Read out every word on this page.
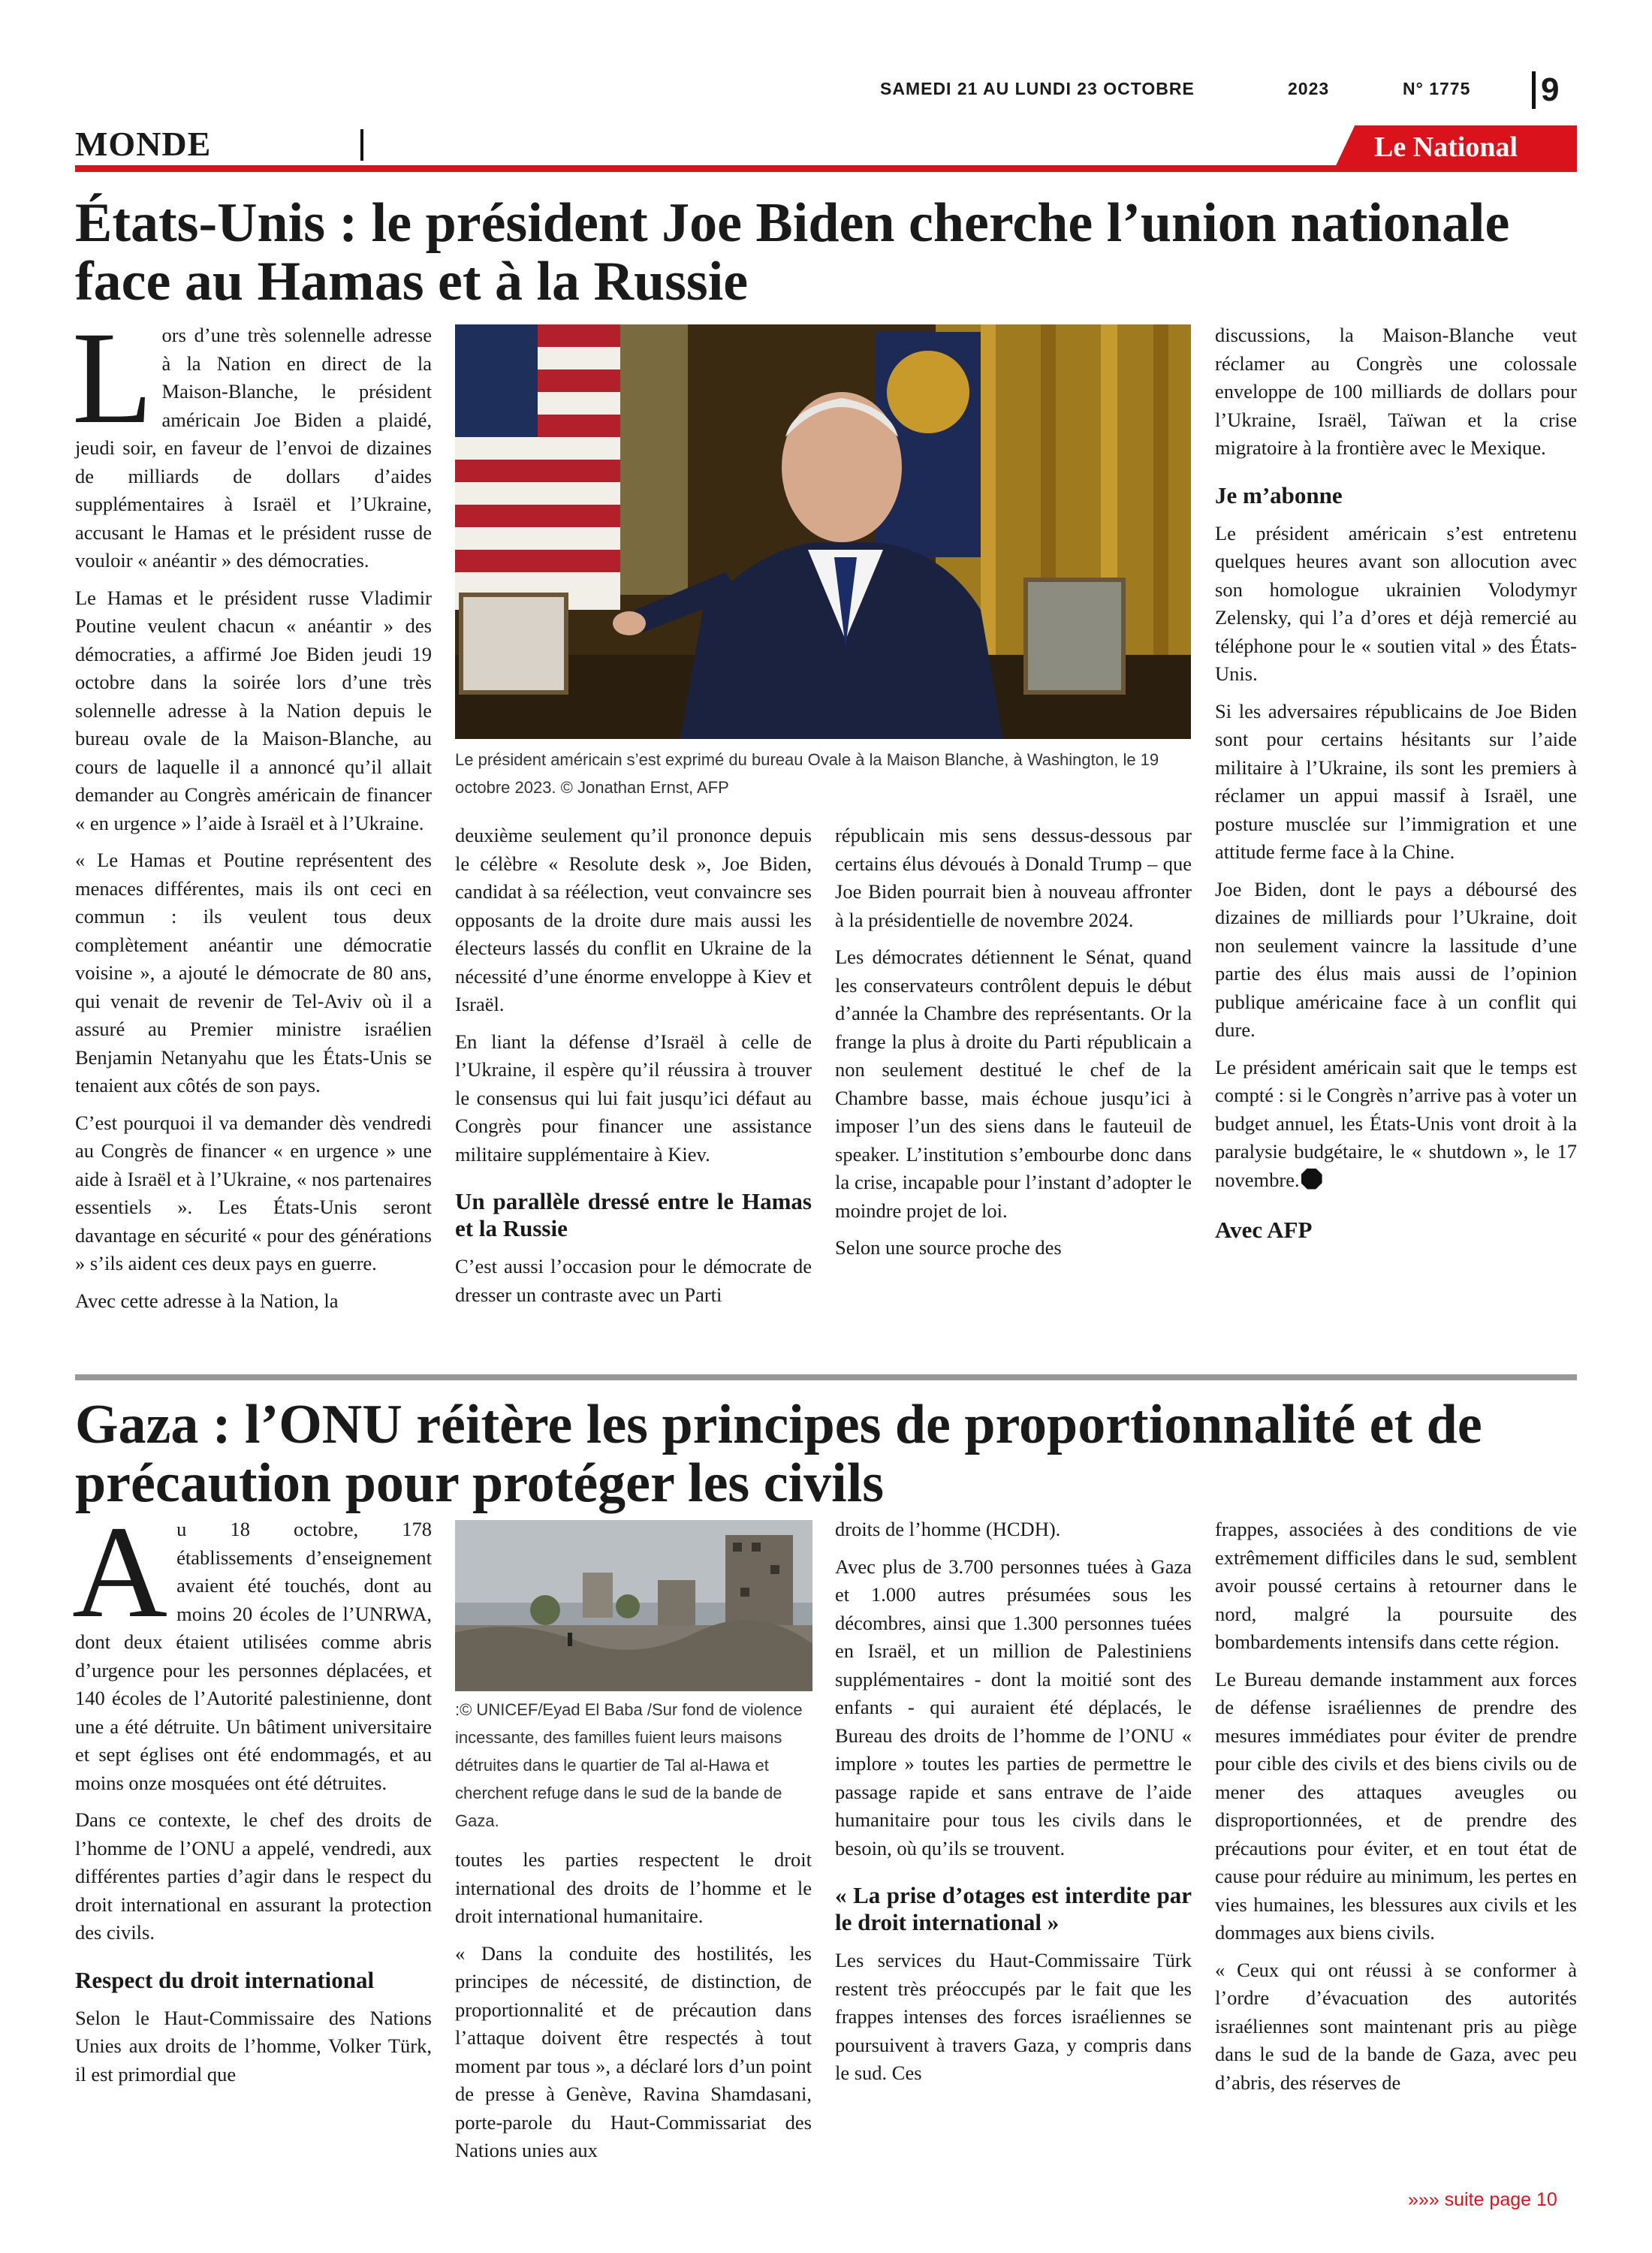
SAMEDI 21 AU LUNDI 23 OCTOBRE	2023	N° 1775 9
MONDE	Le National
États-Unis : le président Joe Biden cherche l’union nationale
face au Hamas et à la Russie

Lors d’une très solennelle adresse à la Nation en direct de la Maison-Blanche, le président américain Joe Biden a plaidé, jeudi soir, en faveur de l’envoi de dizaines de milliards de dollars d’aides supplémentaires à Israël et l’Ukraine, accusant le Hamas et le président russe de vouloir « anéantir » des démocraties.

Le Hamas et le président russe Vladimir Poutine veulent chacun « anéantir » des démocraties, a affirmé Joe Biden jeudi 19 octobre dans la soirée lors d’une très solennelle adresse à la Nation depuis le bureau ovale de la Maison-Blanche, au cours de laquelle il a annoncé qu’il allait demander au Congrès américain de financer « en urgence » l’aide à Israël et à l’Ukraine.

« Le Hamas et Poutine représentent des menaces différentes, mais ils ont ceci en commun : ils veulent tous deux complètement anéantir une démocratie voisine », a ajouté le démocrate de 80 ans, qui venait de revenir de Tel-Aviv où il a assuré au Premier ministre israélien Benjamin Netanyahu que les États-Unis se tenaient aux côtés de son pays.

C’est pourquoi il va demander dès vendredi au Congrès de financer « en urgence » une aide à Israël et à l’Ukraine, « nos partenaires essentiels ». Les États-Unis seront davantage en sécurité « pour des générations » s’ils aident ces deux pays en guerre.

Avec cette adresse à la Nation, la

Le président américain s’est exprimé du bureau Ovale à la Maison Blanche, à Washington, le 19 octobre 2023. © Jonathan Ernst, AFP

deuxième seulement qu’il prononce depuis le célèbre « Resolute desk », Joe Biden, candidat à sa réélection, veut convaincre ses opposants de la droite dure mais aussi les électeurs lassés du conflit en Ukraine de la nécessité d’une énorme enveloppe à Kiev et Israël.

En liant la défense d’Israël à celle de l’Ukraine, il espère qu’il réussira à trouver le consensus qui lui fait jusqu’ici défaut au Congrès pour financer une assistance militaire supplémentaire à Kiev.

Un parallèle dressé entre le Hamas et la Russie

C’est aussi l’occasion pour le démocrate de dresser un contraste avec un Parti

républicain mis sens dessus-dessous par certains élus dévoués à Donald Trump – que Joe Biden pourrait bien à nouveau affronter à la présidentielle de novembre 2024.

Les démocrates détiennent le Sénat, quand les conservateurs contrôlent depuis le début d’année la Chambre des représentants. Or la frange la plus à droite du Parti républicain a non seulement destitué le chef de la Chambre basse, mais échoue jusqu’ici à imposer l’un des siens dans le fauteuil de speaker. L’institution s’embourbe donc dans la crise, incapable pour l’instant d’adopter le moindre projet de loi.

Selon une source proche des

discussions, la Maison-Blanche veut réclamer au Congrès une colossale enveloppe de 100 milliards de dollars pour l’Ukraine, Israël, Taïwan et la crise migratoire à la frontière avec le Mexique.

Je m’abonne

Le président américain s’est entretenu quelques heures avant son allocution avec son homologue ukrainien Volodymyr Zelensky, qui l’a d’ores et déjà remercié au téléphone pour le « soutien vital » des États-Unis.

Si les adversaires républicains de Joe Biden sont pour certains hésitants sur l’aide militaire à l’Ukraine, ils sont les premiers à réclamer un appui massif à Israël, une posture musclée sur l’immigration et une attitude ferme face à la Chine.

Joe Biden, dont le pays a déboursé des dizaines de milliards pour l’Ukraine, doit non seulement vaincre la lassitude d’une partie des élus mais aussi de l’opinion publique américaine face à un conflit qui dure.

Le président américain sait que le temps est compté : si le Congrès n’arrive pas à voter un budget annuel, les États-Unis vont droit à la paralysie budgétaire, le « shutdown », le 17 novembre.

Avec AFP
Gaza : l’ONU réitère les principes de proportionnalité et de
précaution pour protéger les civils

Au 18 octobre, 178 établissements d’enseignement avaient été touchés, dont au moins 20 écoles de l’UNRWA, dont deux étaient utilisées comme abris d’urgence pour les personnes déplacées, et 140 écoles de l’Autorité palestinienne, dont une a été détruite. Un bâtiment universitaire et sept églises ont été endommagés, et au moins onze mosquées ont été détruites.

Dans ce contexte, le chef des droits de l’homme de l’ONU a appelé, vendredi, aux différentes parties d’agir dans le respect du droit international en assurant la protection des civils.

Respect du droit international

Selon le Haut-Commissaire des Nations Unies aux droits de l’homme, Volker Türk, il est primordial que

:© UNICEF/Eyad El Baba /Sur fond de violence incessante, des familles fuient leurs maisons détruites dans le quartier de Tal al-Hawa et cherchent refuge dans le sud de la bande de Gaza.

toutes les parties respectent le droit international des droits de l’homme et le droit international humanitaire.

« Dans la conduite des hostilités, les principes de nécessité, de distinction, de proportionnalité et de précaution dans l’attaque doivent être respectés à tout moment par tous », a déclaré lors d’un point de presse à Genève, Ravina Shamdasani, porte-parole du Haut-Commissariat des Nations unies aux

droits de l’homme (HCDH).

Avec plus de 3.700 personnes tuées à Gaza et 1.000 autres présumées sous les décombres, ainsi que 1.300 personnes tuées en Israël, et un million de Palestiniens supplémentaires - dont la moitié sont des enfants - qui auraient été déplacés, le Bureau des droits de l’homme de l’ONU « implore » toutes les parties de permettre le passage rapide et sans entrave de l’aide humanitaire pour tous les civils dans le besoin, où qu’ils se trouvent.

« La prise d’otages est interdite par le droit international »

Les services du Haut-Commissaire Türk restent très préoccupés par le fait que les frappes intenses des forces israéliennes se poursuivent à travers Gaza, y compris dans le sud. Ces

frappes, associées à des conditions de vie extrêmement difficiles dans le sud, semblent avoir poussé certains à retourner dans le nord, malgré la poursuite des bombardements intensifs dans cette région.

Le Bureau demande instamment aux forces de défense israéliennes de prendre des mesures immédiates pour éviter de prendre pour cible des civils et des biens civils ou de mener des attaques aveugles ou disproportionnées, et de prendre des précautions pour éviter, et en tout état de cause pour réduire au minimum, les pertes en vies humaines, les blessures aux civils et les dommages aux biens civils.

« Ceux qui ont réussi à se conformer à l’ordre d’évacuation des autorités israéliennes sont maintenant pris au piège dans le sud de la bande de Gaza, avec peu d’abris, des réserves de

»»» suite page 10
